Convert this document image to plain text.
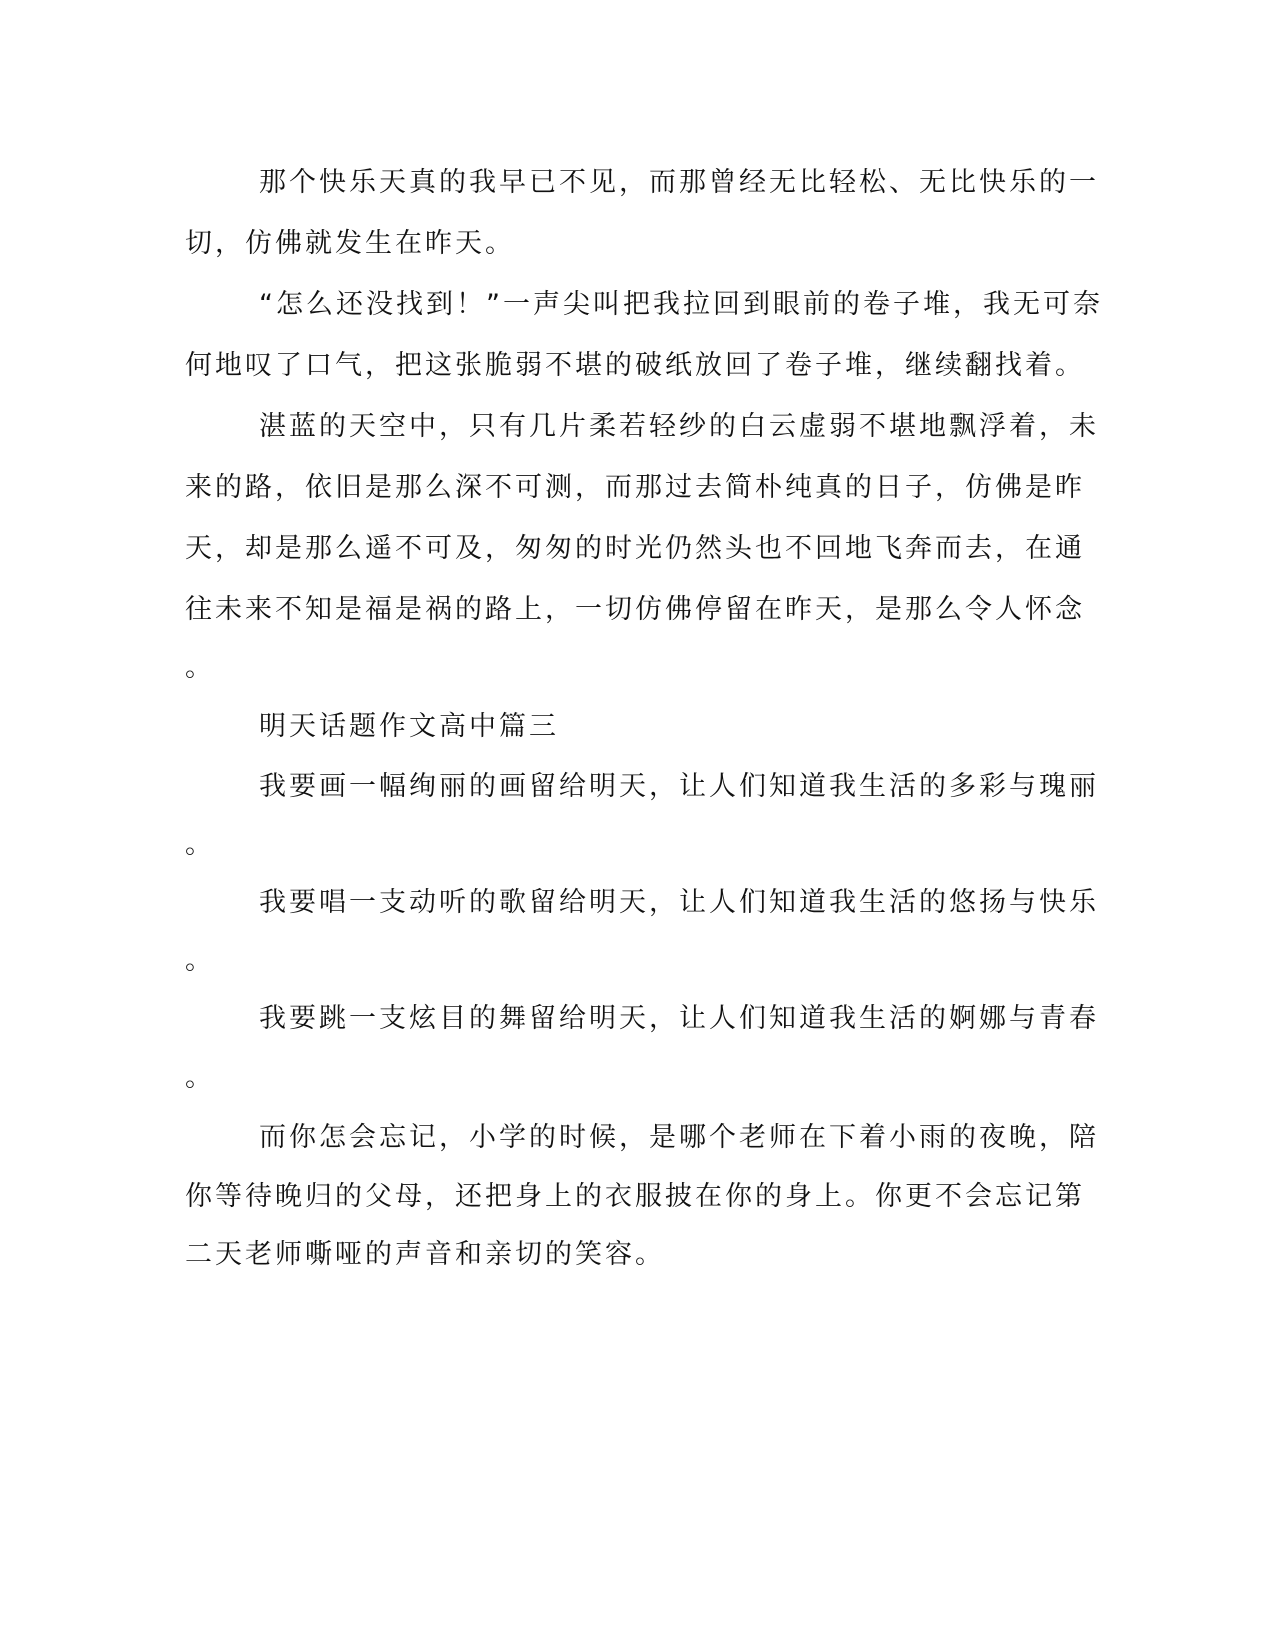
那个快乐天真的我早已不见，而那曾经无比轻松、无比快乐的一
切，仿佛就发生在昨天。
“怎么还没找到！”一声尖叫把我拉回到眼前的卷子堆，我无可奈
何地叹了口气，把这张脆弱不堪的破纸放回了卷子堆，继续翻找着。
湛蓝的天空中，只有几片柔若轻纱的白云虚弱不堪地飘浮着，未
来的路，依旧是那么深不可测，而那过去简朴纯真的日子，仿佛是昨
天，却是那么遥不可及，匆匆的时光仍然头也不回地飞奔而去，在通
往未来不知是福是祸的路上，一切仿佛停留在昨天，是那么令人怀念
。
明天话题作文高中篇三
我要画一幅绚丽的画留给明天，让人们知道我生活的多彩与瑰丽
。
我要唱一支动听的歌留给明天，让人们知道我生活的悠扬与快乐
。
我要跳一支炫目的舞留给明天，让人们知道我生活的婀娜与青春
。
而你怎会忘记，小学的时候，是哪个老师在下着小雨的夜晚，陪
你等待晚归的父母，还把身上的衣服披在你的身上。你更不会忘记第
二天老师嘶哑的声音和亲切的笑容。
